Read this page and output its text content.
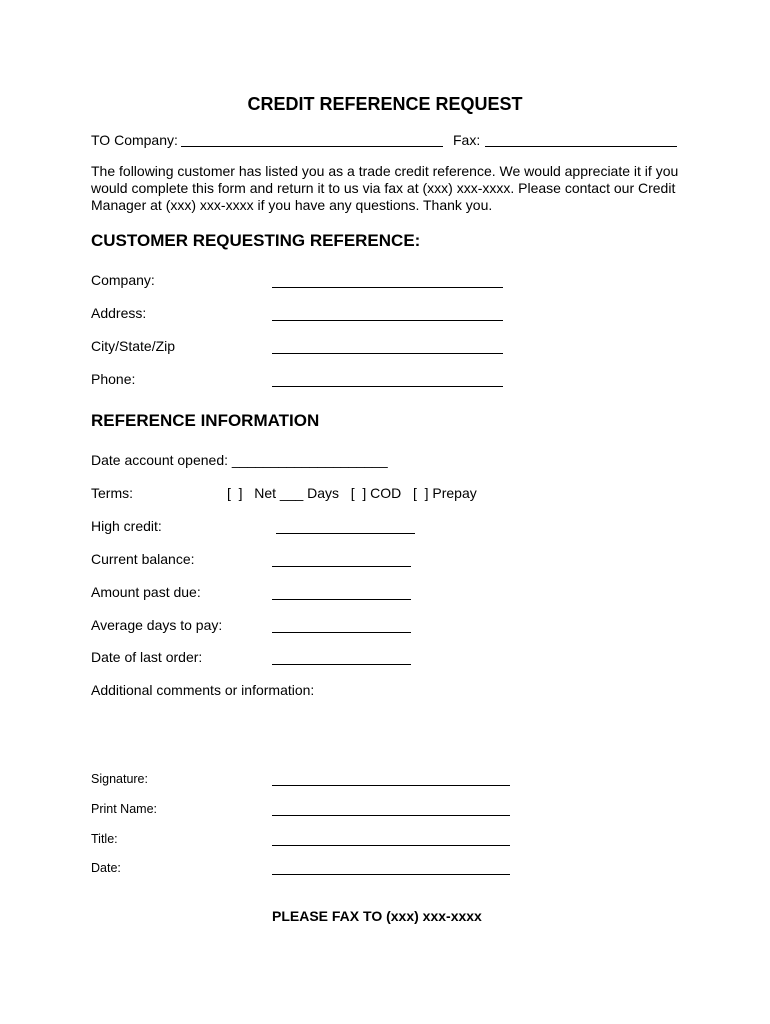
CREDIT REFERENCE REQUEST
TO Company:	Fax:
The following customer has listed you as a trade credit reference. We would appreciate it if you would complete this form and return it to us via fax at (xxx) xxx-xxxx. Please contact our Credit Manager at (xxx) xxx-xxxx if you have any questions. Thank you.
CUSTOMER REQUESTING REFERENCE:
Company:
Address:
City/State/Zip
Phone:
REFERENCE INFORMATION
Date account opened: ____________________
Terms:	[  ]   Net ___ Days   [  ] COD   [  ] Prepay
High credit:
Current balance:
Amount past due:
Average days to pay:
Date of last order:
Additional comments or information:
Signature:
Print Name:
Title:
Date:
PLEASE FAX TO (xxx) xxx-xxxx
